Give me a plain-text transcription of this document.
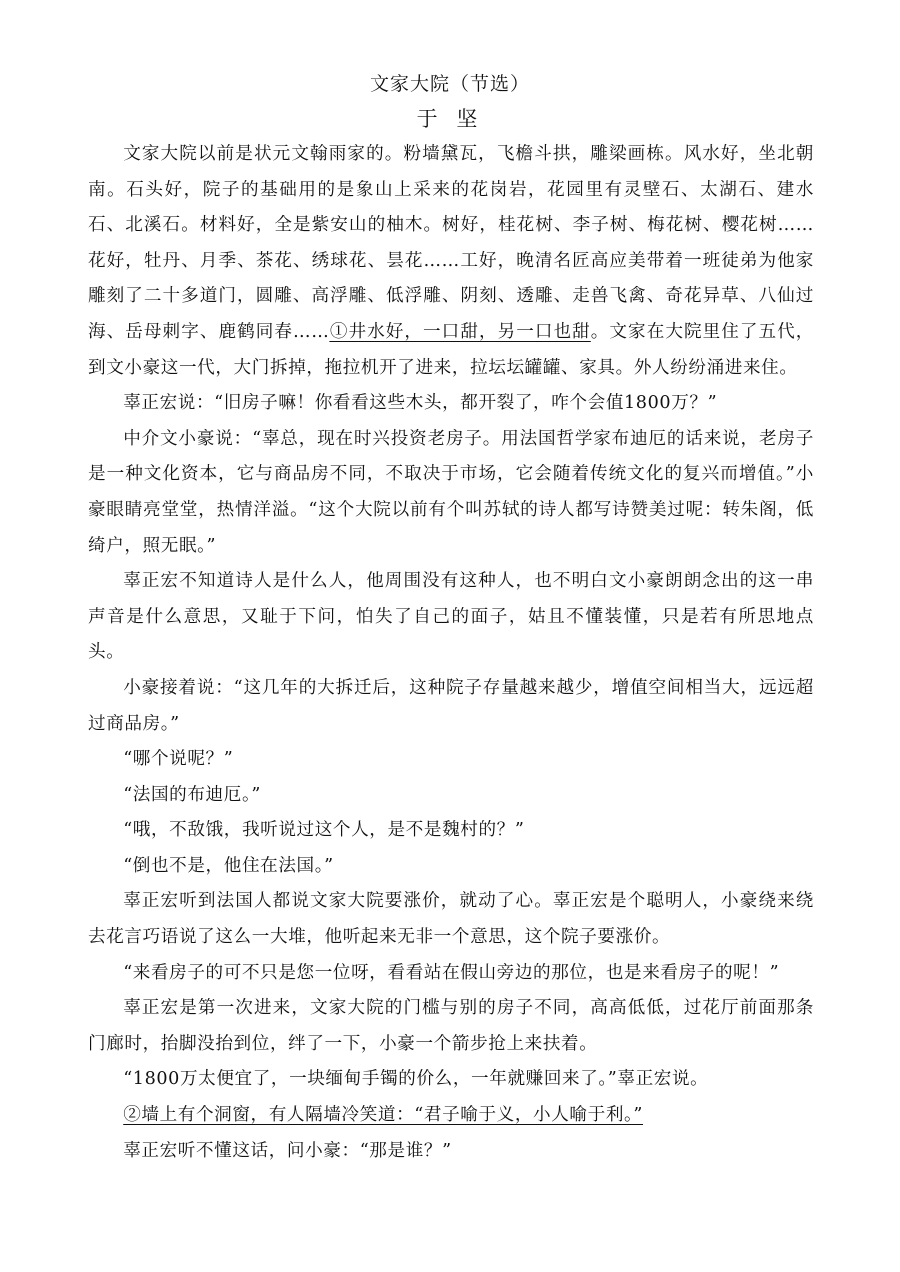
文家大院（节选）
于 坚

文家大院以前是状元文翰雨家的。粉墙黛瓦，飞檐斗拱，雕梁画栋。风水好，坐北朝南。石头好，院子的基础用的是象山上采来的花岗岩，花园里有灵壁石、太湖石、建水石、北溪石。材料好，全是紫安山的柚木。树好，桂花树、李子树、梅花树、樱花树……花好，牡丹、月季、茶花、绣球花、昙花……工好，晚清名匠高应美带着一班徒弟为他家雕刻了二十多道门，圆雕、高浮雕、低浮雕、阴刻、透雕、走兽飞禽、奇花异草、八仙过海、岳母刺字、鹿鹤同春……①井水好，一口甜，另一口也甜。文家在大院里住了五代，到文小豪这一代，大门拆掉，拖拉机开了进来，拉坛坛罐罐、家具。外人纷纷涌进来住。

辜正宏说：“旧房子嘛！你看看这些木头，都开裂了，咋个会值1800万？”

中介文小豪说：“辜总，现在时兴投资老房子。用法国哲学家布迪厄的话来说，老房子是一种文化资本，它与商品房不同，不取决于市场，它会随着传统文化的复兴而增值。”小豪眼睛亮堂堂，热情洋溢。“这个大院以前有个叫苏轼的诗人都写诗赞美过呢：转朱阁，低绮户，照无眠。”

辜正宏不知道诗人是什么人，他周围没有这种人，也不明白文小豪朗朗念出的这一串声音是什么意思，又耻于下问，怕失了自己的面子，姑且不懂装懂，只是若有所思地点头。

小豪接着说：“这几年的大拆迁后，这种院子存量越来越少，增值空间相当大，远远超过商品房。”

“哪个说呢？”

“法国的布迪厄。”

“哦，不敌饿，我听说过这个人，是不是魏村的？”

“倒也不是，他住在法国。”

辜正宏听到法国人都说文家大院要涨价，就动了心。辜正宏是个聪明人，小豪绕来绕去花言巧语说了这么一大堆，他听起来无非一个意思，这个院子要涨价。

“来看房子的可不只是您一位呀，看看站在假山旁边的那位，也是来看房子的呢！”

辜正宏是第一次进来，文家大院的门槛与别的房子不同，高高低低，过花厅前面那条门廊时，抬脚没抬到位，绊了一下，小豪一个箭步抢上来扶着。

“1800万太便宜了，一块缅甸手镯的价么，一年就赚回来了。”辜正宏说。

②墙上有个洞窗，有人隔墙冷笑道：“君子喻于义，小人喻于利。”

辜正宏听不懂这话，问小豪：“那是谁？”
